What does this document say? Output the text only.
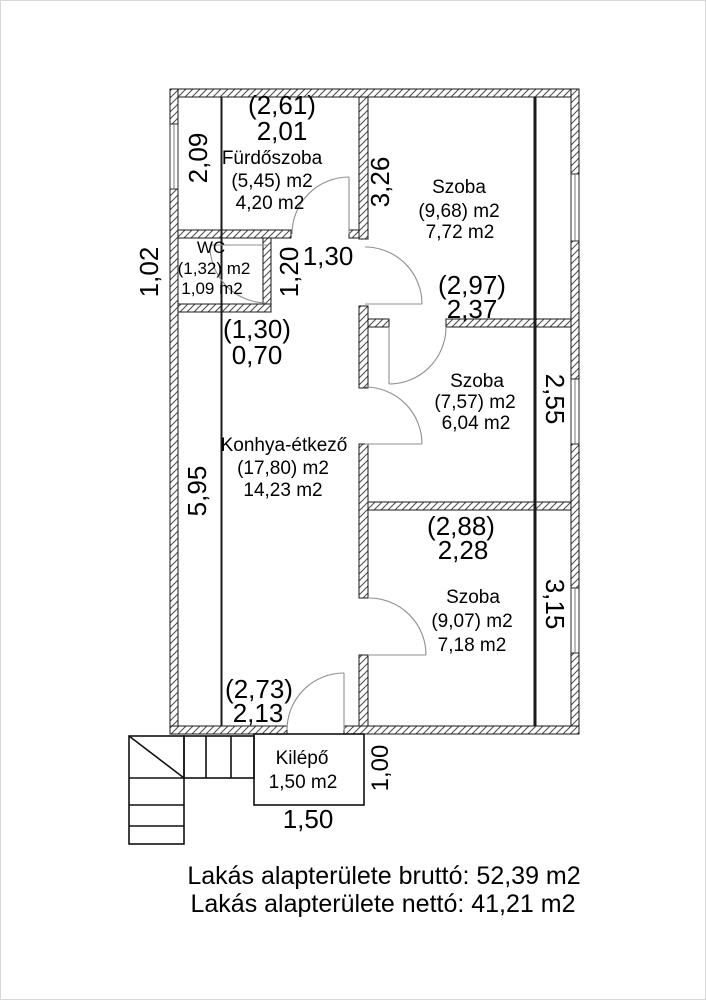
(2,61)
2,01
Fürdőszoba
(5,45) m2
4,20 m2
2,09
WC
(1,32) m2
1,09 m2
1,02	1,30
1,20
(1,30)
0,70
Konhya-étkező
(17,80) m2
14,23 m2
5,95
(2,73)
2,13
Szoba
(9,68) m2
7,72 m2
3,26
(2,97)
2,37
Szoba
(7,57) m2
6,04 m2 2,55
(2,88)
2,28
Szoba
(9,07) m2
7,18 m2
3,15
Kilépő
1,50 m2 1,00
1,50
Lakás alapterülete bruttó: 52,39 m2
Lakás alapterülete nettó: 41,21 m2
